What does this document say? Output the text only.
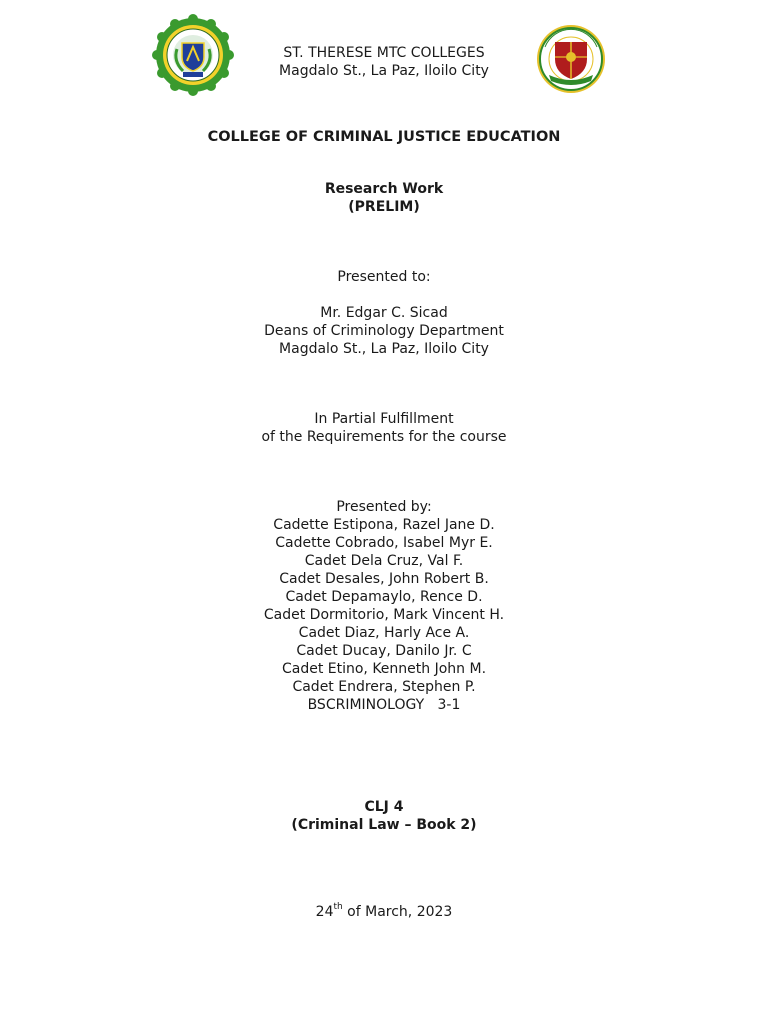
ST. THERESE MTC COLLEGES
Magdalo St., La Paz, Iloilo City
COLLEGE OF CRIMINAL JUSTICE EDUCATION
Research Work
(PRELIM)
Presented to:
Mr. Edgar C. Sicad
Deans of Criminology Department
Magdalo St., La Paz, Iloilo City
In Partial Fulfillment
of the Requirements for the course
Presented by:
Cadette Estipona, Razel Jane D.
Cadette Cobrado, Isabel Myr E.
Cadet Dela Cruz, Val F.
Cadet Desales, John Robert B.
Cadet Depamaylo, Rence D.
Cadet Dormitorio, Mark Vincent H.
Cadet Diaz, Harly Ace A.
Cadet Ducay, Danilo Jr. C
Cadet Etino, Kenneth John M.
Cadet Endrera, Stephen P.
BSCRIMINOLOGY   3-1
CLJ 4
(Criminal Law – Book 2)
24th of March, 2023
